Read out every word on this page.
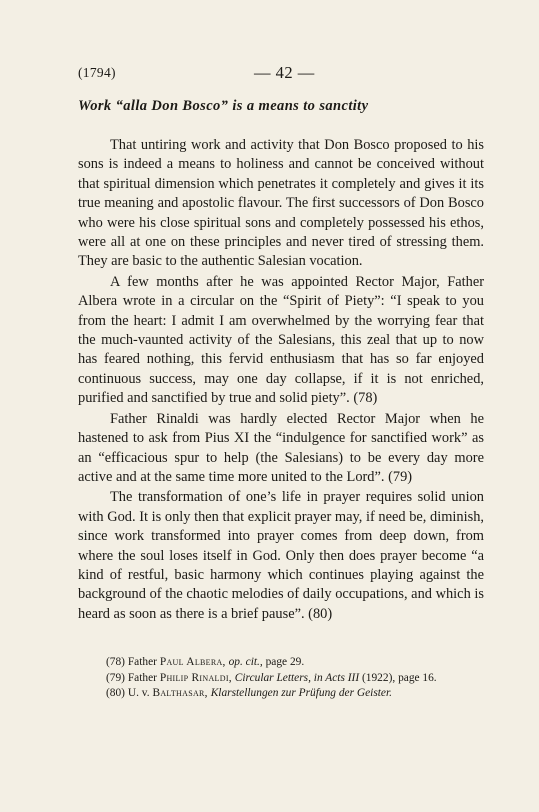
(1794)	— 42 —
Work “alla Don Bosco” is a means to sanctity

That untiring work and activity that Don Bosco proposed to his sons is indeed a means to holiness and cannot be conceived without that spiritual dimension which penetrates it completely and gives it its true meaning and apostolic flavour. The first successors of Don Bosco who were his close spiritual sons and completely possessed his ethos, were all at one on these principles and never tired of stressing them. They are basic to the authentic Salesian vocation.

A few months after he was appointed Rector Major, Father Albera wrote in a circular on the “Spirit of Piety”: “I speak to you from the heart: I admit I am overwhelmed by the worrying fear that the much-vaunted activity of the Salesians, this zeal that up to now has feared nothing, this fervid enthusiasm that has so far enjoyed continuous success, may one day collapse, if it is not enriched, purified and sanctified by true and solid piety”. (78)

Father Rinaldi was hardly elected Rector Major when he hastened to ask from Pius XI the “indulgence for sanctified work” as an “efficacious spur to help (the Salesians) to be every day more active and at the same time more united to the Lord”. (79)

The transformation of one’s life in prayer requires solid union with God. It is only then that explicit prayer may, if need be, diminish, since work transformed into prayer comes from deep down, from where the soul loses itself in God. Only then does prayer become “a kind of restful, basic harmony which continues playing against the background of the chaotic melodies of daily occupations, and which is heard as soon as there is a brief pause”. (80)

(78) Father Paul Albera, op. cit., page 29.

(79) Father Philip Rinaldi, Circular Letters, in Acts III (1922), page 16.

(80) U. v. Balthasar, Klarstellungen zur Prüfung der Geister.
